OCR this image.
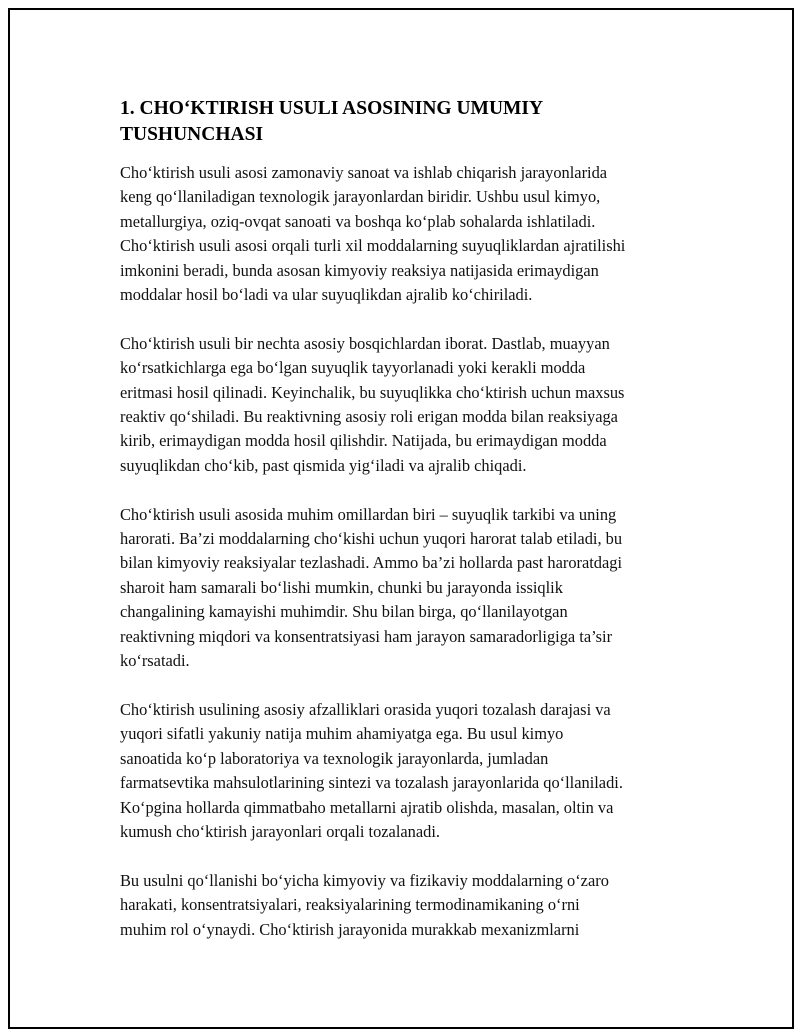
1. CHO‘KTIRISH USULI ASOSINING UMUMIY
TUSHUNCHASI
Cho‘ktirish usuli asosi zamonaviy sanoat va ishlab chiqarish jarayonlarida
keng qo‘llaniladigan texnologik jarayonlardan biridir. Ushbu usul kimyo,
metallurgiya, oziq-ovqat sanoati va boshqa ko‘plab sohalarda ishlatiladi.
Cho‘ktirish usuli asosi orqali turli xil moddalarning suyuqliklardan ajratilishi
imkonini beradi, bunda asosan kimyoviy reaksiya natijasida erimaydigan
moddalar hosil bo‘ladi va ular suyuqlikdan ajralib ko‘chiriladi.
Cho‘ktirish usuli bir nechta asosiy bosqichlardan iborat. Dastlab, muayyan
ko‘rsatkichlarga ega bo‘lgan suyuqlik tayyorlanadi yoki kerakli modda
eritmasi hosil qilinadi. Keyinchalik, bu suyuqlikka cho‘ktirish uchun maxsus
reaktiv qo‘shiladi. Bu reaktivning asosiy roli erigan modda bilan reaksiyaga
kirib, erimaydigan modda hosil qilishdir. Natijada, bu erimaydigan modda
suyuqlikdan cho‘kib, past qismida yig‘iladi va ajralib chiqadi.
Cho‘ktirish usuli asosida muhim omillardan biri – suyuqlik tarkibi va uning
harorati. Ba’zi moddalarning cho‘kishi uchun yuqori harorat talab etiladi, bu
bilan kimyoviy reaksiyalar tezlashadi. Ammo ba’zi hollarda past haroratdagi
sharoit ham samarali bo‘lishi mumkin, chunki bu jarayonda issiqlik
changalining kamayishi muhimdir. Shu bilan birga, qo‘llanilayotgan
reaktivning miqdori va konsentratsiyasi ham jarayon samaradorligiga ta’sir
ko‘rsatadi.
Cho‘ktirish usulining asosiy afzalliklari orasida yuqori tozalash darajasi va
yuqori sifatli yakuniy natija muhim ahamiyatga ega. Bu usul kimyo
sanoatida ko‘p laboratoriya va texnologik jarayonlarda, jumladan
farmatsevtika mahsulotlarining sintezi va tozalash jarayonlarida qo‘llaniladi.
Ko‘pgina hollarda qimmatbaho metallarni ajratib olishda, masalan, oltin va
kumush cho‘ktirish jarayonlari orqali tozalanadi.
Bu usulni qo‘llanishi bo‘yicha kimyoviy va fizikaviy moddalarning o‘zaro
harakati, konsentratsiyalari, reaksiyalarining termodinamikaning o‘rni
muhim rol o‘ynaydi. Cho‘ktirish jarayonida murakkab mexanizmlarni
